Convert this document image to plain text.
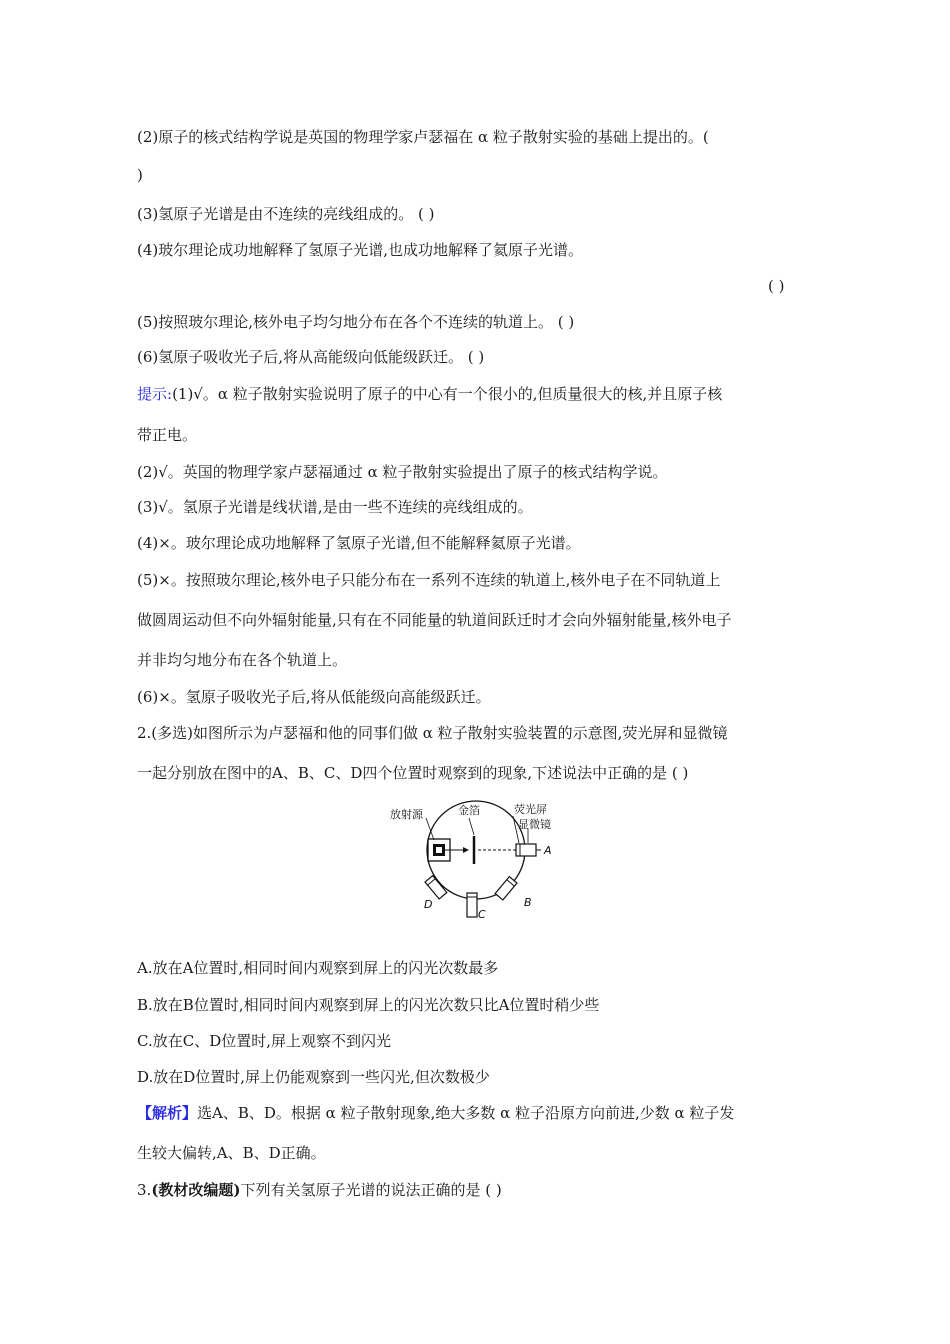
(2)原子的核式结构学说是英国的物理学家卢瑟福在 α 粒子散射实验的基础上提出的。(
)
(3)氢原子光谱是由不连续的亮线组成的。 ( )
(4)玻尔理论成功地解释了氢原子光谱,也成功地解释了氦原子光谱。
( )
(5)按照玻尔理论,核外电子均匀地分布在各个不连续的轨道上。 ( )
(6)氢原子吸收光子后,将从高能级向低能级跃迁。 ( )
提示:(1)√。α 粒子散射实验说明了原子的中心有一个很小的,但质量很大的核,并且原子核
带正电。
(2)√。英国的物理学家卢瑟福通过 α 粒子散射实验提出了原子的核式结构学说。
(3)√。氢原子光谱是线状谱,是由一些不连续的亮线组成的。
(4)×。玻尔理论成功地解释了氢原子光谱,但不能解释氦原子光谱。
(5)×。按照玻尔理论,核外电子只能分布在一系列不连续的轨道上,核外电子在不同轨道上
做圆周运动但不向外辐射能量,只有在不同能量的轨道间跃迁时才会向外辐射能量,核外电子
并非均匀地分布在各个轨道上。
(6)×。氢原子吸收光子后,将从低能级向高能级跃迁。
2.(多选)如图所示为卢瑟福和他的同事们做 α 粒子散射实验装置的示意图,荧光屏和显微镜
一起分别放在图中的A、B、C、D四个位置时观察到的现象,下述说法中正确的是 ( )
放射源	金箔	荧光屏
显微镜
A
B
C
D
A.放在A位置时,相同时间内观察到屏上的闪光次数最多
B.放在B位置时,相同时间内观察到屏上的闪光次数只比A位置时稍少些
C.放在C、D位置时,屏上观察不到闪光
D.放在D位置时,屏上仍能观察到一些闪光,但次数极少
【解析】选A、B、D。根据 α 粒子散射现象,绝大多数 α 粒子沿原方向前进,少数 α 粒子发
生较大偏转,A、B、D正确。
3.(教材改编题)下列有关氢原子光谱的说法正确的是 ( )
